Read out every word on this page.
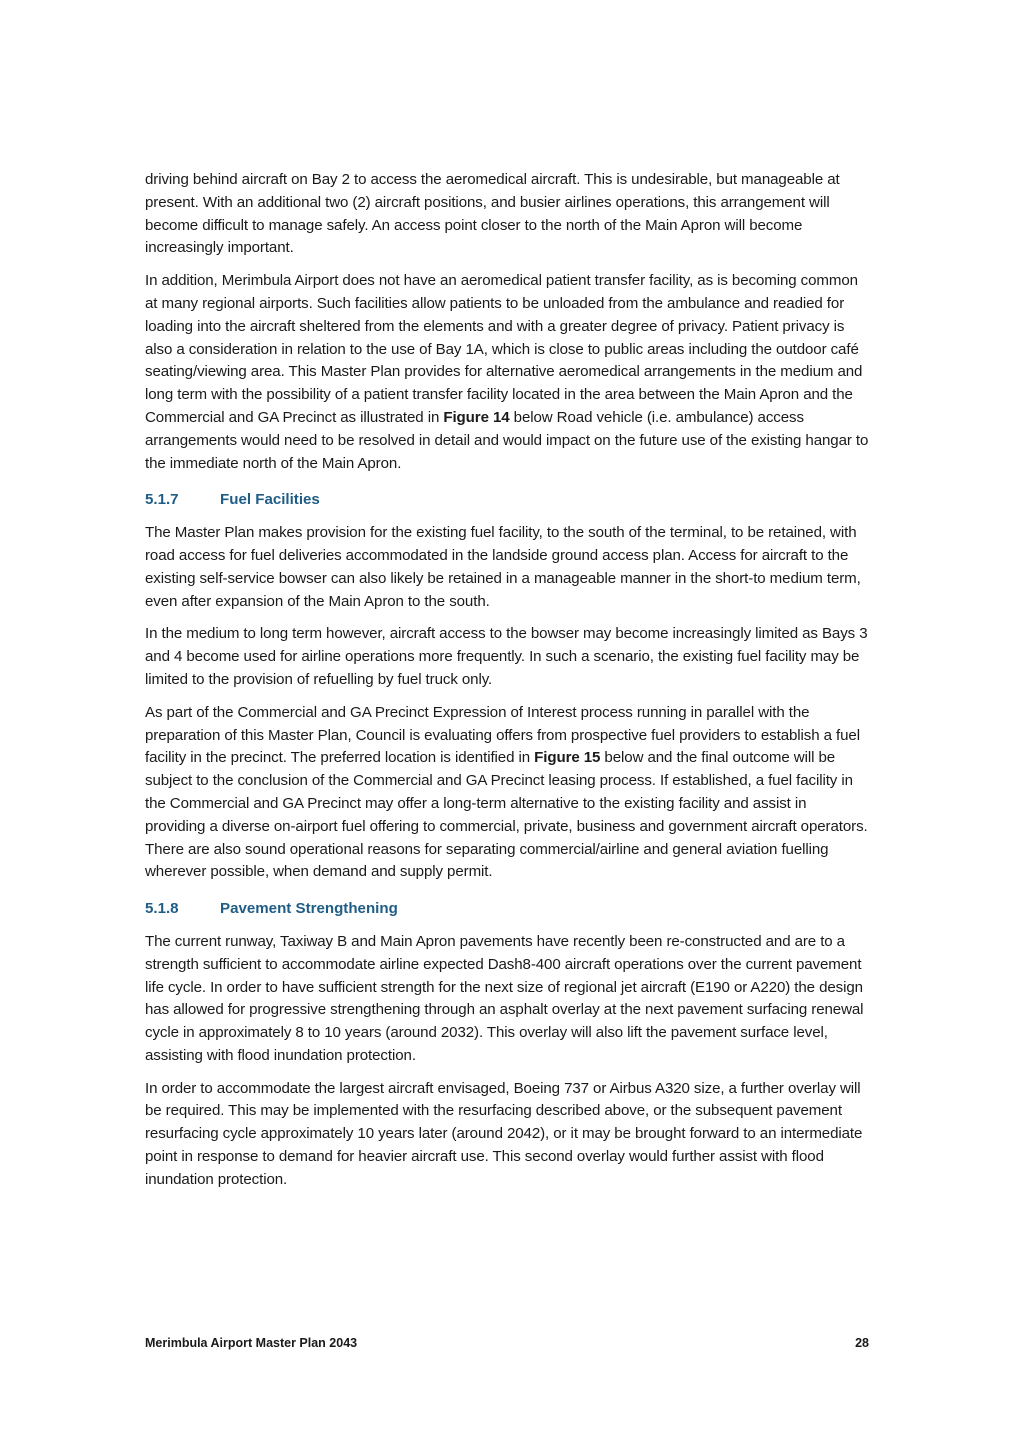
driving behind aircraft on Bay 2 to access the aeromedical aircraft. This is undesirable, but manageable at present. With an additional two (2) aircraft positions, and busier airlines operations, this arrangement will become difficult to manage safely. An access point closer to the north of the Main Apron will become increasingly important.

In addition, Merimbula Airport does not have an aeromedical patient transfer facility, as is becoming common at many regional airports. Such facilities allow patients to be unloaded from the ambulance and readied for loading into the aircraft sheltered from the elements and with a greater degree of privacy. Patient privacy is also a consideration in relation to the use of Bay 1A, which is close to public areas including the outdoor café seating/viewing area. This Master Plan provides for alternative aeromedical arrangements in the medium and long term with the possibility of a patient transfer facility located in the area between the Main Apron and the Commercial and GA Precinct as illustrated in Figure 14 below Road vehicle (i.e. ambulance) access arrangements would need to be resolved in detail and would impact on the future use of the existing hangar to the immediate north of the Main Apron.

5.1.7	Fuel Facilities

The Master Plan makes provision for the existing fuel facility, to the south of the terminal, to be retained, with road access for fuel deliveries accommodated in the landside ground access plan. Access for aircraft to the existing self-service bowser can also likely be retained in a manageable manner in the short-to medium term, even after expansion of the Main Apron to the south.

In the medium to long term however, aircraft access to the bowser may become increasingly limited as Bays 3 and 4 become used for airline operations more frequently. In such a scenario, the existing fuel facility may be limited to the provision of refuelling by fuel truck only.

As part of the Commercial and GA Precinct Expression of Interest process running in parallel with the preparation of this Master Plan, Council is evaluating offers from prospective fuel providers to establish a fuel facility in the precinct. The preferred location is identified in Figure 15 below and the final outcome will be subject to the conclusion of the Commercial and GA Precinct leasing process. If established, a fuel facility in the Commercial and GA Precinct may offer a long-term alternative to the existing facility and assist in providing a diverse on-airport fuel offering to commercial, private, business and government aircraft operators. There are also sound operational reasons for separating commercial/airline and general aviation fuelling wherever possible, when demand and supply permit.

5.1.8	Pavement Strengthening

The current runway, Taxiway B and Main Apron pavements have recently been re-constructed and are to a strength sufficient to accommodate airline expected Dash8-400 aircraft operations over the current pavement life cycle. In order to have sufficient strength for the next size of regional jet aircraft (E190 or A220) the design has allowed for progressive strengthening through an asphalt overlay at the next pavement surfacing renewal cycle in approximately 8 to 10 years (around 2032). This overlay will also lift the pavement surface level, assisting with flood inundation protection.

In order to accommodate the largest aircraft envisaged, Boeing 737 or Airbus A320 size, a further overlay will be required. This may be implemented with the resurfacing described above, or the subsequent pavement resurfacing cycle approximately 10 years later (around 2042), or it may be brought forward to an intermediate point in response to demand for heavier aircraft use. This second overlay would further assist with flood inundation protection.

Merimbula Airport Master Plan 2043	28
